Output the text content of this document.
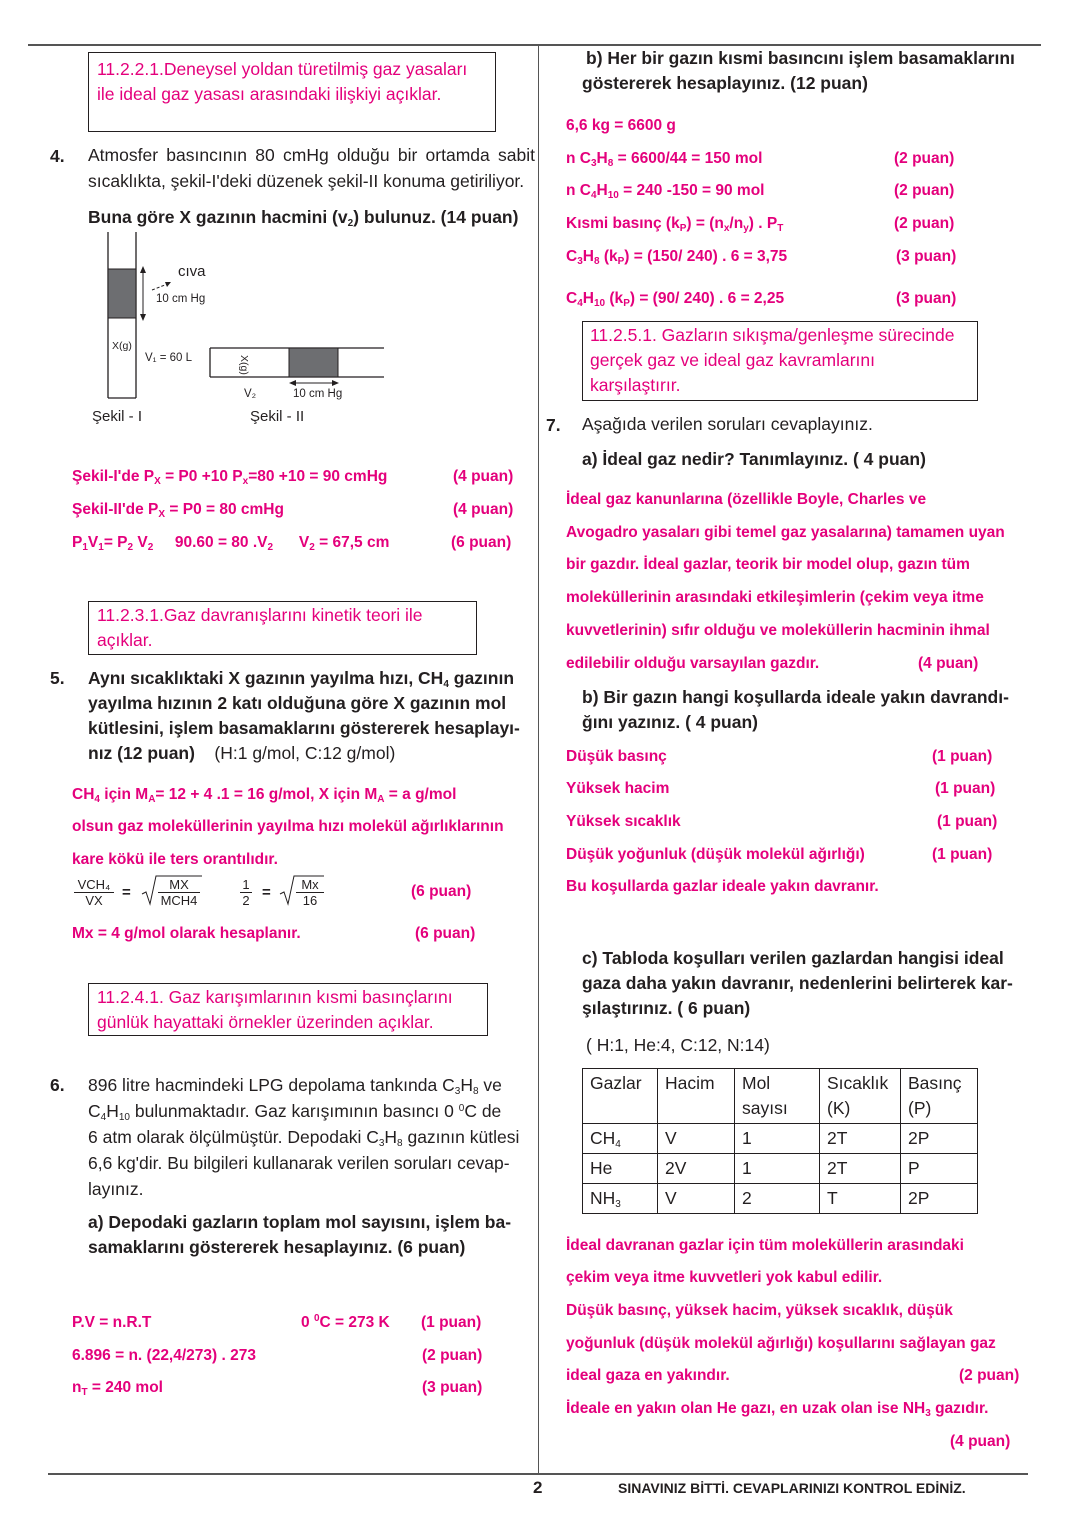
11.2.2.1.Deneysel yoldan türetilmiş gaz yasaları ile ideal gaz yasası arasındaki ilişkiyi açıklar.
4. Atmosfer basıncının 80 cmHg olduğu bir ortamda sabit sıcaklıkta, şekil-I'deki düzenek şekil-II konuma getiriliyor.
Buna göre X gazının hacmini $(v_2)$ bulunuz. (14 puan)
cıva
10 cm Hg
X(g)
V₁ = 60 L	X(g)
V₂	10 cm Hg
Şekil - I	Şekil - II
Şekil-I'de $P_X = P0 +10$ $P_x=80 +10 = 90$ cmHg	(4 puan)
Şekil-II'de $P_X = P0 = 80$ cmHg	(4 puan)
$P_1V_1= P_2$ $V_2$ 90.60 = 80 $.V_2$ $V_2 = 67,5$ cm	(6 puan)
11.2.3.1.Gaz davranışlarını kinetik teori ile açıklar.
5. Aynı sıcaklıktaki X gazının yayılma hızı, $CH_4$ gazının
yayılma hızının 2 katı olduğuna göre X gazının mol
kütlesini, işlem basamaklarını göstererek hesaplayı-
nız (12 puan) (H:1 g/mol, C:12 g/mol)
$CH_4$ için $M_A= 12 + 4$ .1 = 16 g/mol, X için $M_A = a$ g/mol
olsun gaz moleküllerinin yayılma hızı molekül ağırlıklarının
kare kökü ile ters orantılıdır.
VCH₄
VX	=	MX
MCH4	$\frac{1}{2}$ =	Mx
16
(6 puan)
Mx = 4 g/mol olarak hesaplanır.	(6 puan)
11.2.4.1. Gaz karışımlarının kısmi basınçlarını günlük hayattaki örnekler üzerinden açıklar.
6. 896 litre hacmindeki LPG depolama tankında $C_3H_8$ ve
$C_4H_{10}$ bulunmaktadır. Gaz karışımının basıncı 0 $^0$C de
6 atm olarak ölçülmüştür. Depodaki $C_3H_8$ gazının kütlesi
6,6 kg'dir. Bu bilgileri kullanarak verilen soruları cevap-
layınız.
a) Depodaki gazların toplam mol sayısını, işlem ba-
samaklarını göstererek hesaplayınız. (6 puan)
P.V = n.R.T	0 $^0$C = 273 K (1 puan)
6.896 = n. (22,4/273) . 273	(2 puan)
$n_T = 240$ mol	(3 puan)
b) Her bir gazın kısmi basıncını işlem basamaklarını
göstererek hesaplayınız. (12 puan)
6,6 kg = 6600 g
n $C_3H_8 = 6600/44 = 150$ mol	(2 puan)
n $C_4H_{10} = 240$ -150 = 90 mol	(2 puan)
Kısmi basınç $(k_P) = (n_x/n_y)$ . $P_T$	(2 puan)
$C_3H_8$ $(k_P) = (150/$ 240) . 6 = 3,75	(3 puan)
$C_4H_{10}$ $(k_P) = (90/$ 240) . 6 = 2,25	(3 puan)
11.2.5.1. Gazların sıkışma/genleşme sürecinde gerçek gaz ve ideal gaz kavramlarını karşılaştırır.
7. Aşağıda verilen soruları cevaplayınız.
a) İdeal gaz nedir? Tanımlayınız. ( 4 puan)
İdeal gaz kanunlarına (özellikle Boyle, Charles ve
Avogadro yasaları gibi temel gaz yasalarına) tamamen uyan
bir gazdır. İdeal gazlar, teorik bir model olup, gazın tüm
moleküllerinin arasındaki etkileşimlerin (çekim veya itme
kuvvetlerinin) sıfır olduğu ve moleküllerin hacminin ihmal
edilebilir olduğu varsayılan gazdır.	(4 puan)
b) Bir gazın hangi koşullarda ideale yakın davrandı-
ğını yazınız. ( 4 puan)
Düşük basınç	(1 puan)
Yüksek hacim	(1 puan)
Yüksek sıcaklık	(1 puan)
Düşük yoğunluk (düşük molekül ağırlığı)	(1 puan)
Bu koşullarda gazlar ideale yakın davranır.
c) Tabloda koşulları verilen gazlardan hangisi ideal
gaza daha yakın davranır, nedenlerini belirterek kar-
şılaştırınız. ( 6 puan)
( H:1, He:4, C:12, N:14)
Gazlar	Hacim	Mol sayısı	Sıcaklık (K)	Basınç (P)
$CH_4$	V	1	2T	2P
He	2V	1	2T	P
$NH_3$	V	2	T	2P
İdeal davranan gazlar için tüm moleküllerin arasındaki
çekim veya itme kuvvetleri yok kabul edilir.
Düşük basınç, yüksek hacim, yüksek sıcaklık, düşük
yoğunluk (düşük molekül ağırlığı) koşullarını sağlayan gaz
ideal gaza en yakındır.	(2 puan)
İdeale en yakın olan He gazı, en uzak olan ise $NH_3$ gazıdır.
(4 puan)
2	SINAVINIZ BİTTİ. CEVAPLARINIZI KONTROL EDİNİZ.
